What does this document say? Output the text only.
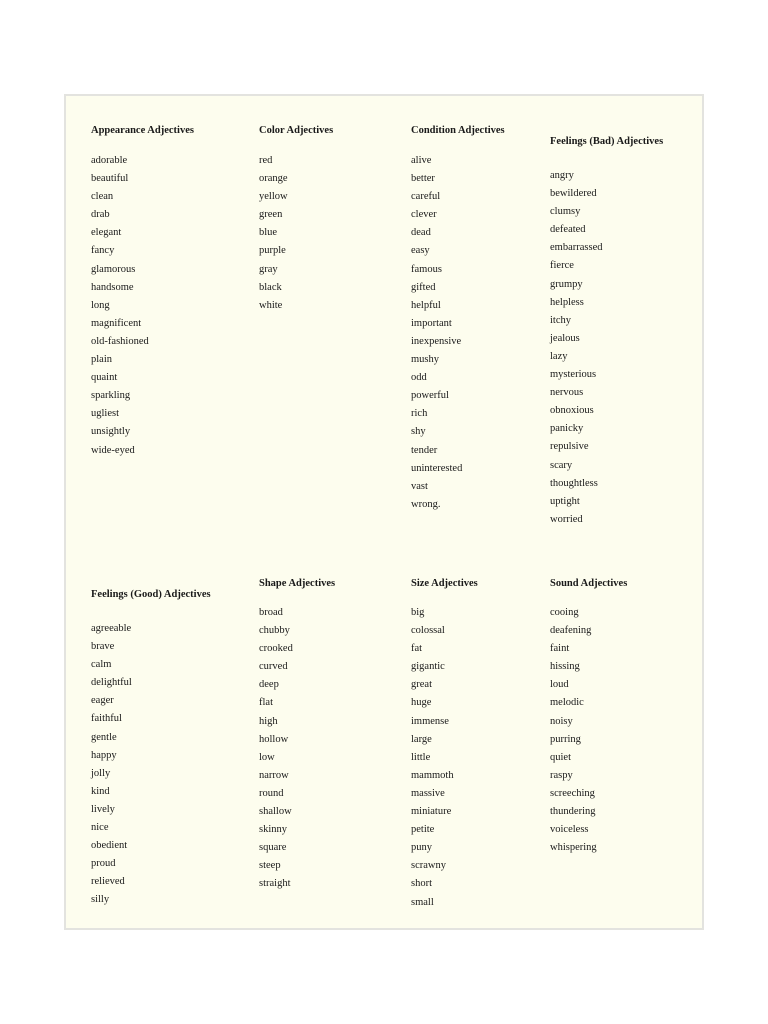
Appearance Adjectives
adorable
beautiful
clean
drab
elegant
fancy
glamorous
handsome
long
magnificent
old-fashioned
plain
quaint
sparkling
ugliest
unsightly
wide-eyed
Color Adjectives
red
orange
yellow
green
blue
purple
gray
black
white
Condition Adjectives
alive
better
careful
clever
dead
easy
famous
gifted
helpful
important
inexpensive
mushy
odd
powerful
rich
shy
tender
uninterested
vast
wrong.
Feelings (Bad) Adjectives
angry
bewildered
clumsy
defeated
embarrassed
fierce
grumpy
helpless
itchy
jealous
lazy
mysterious
nervous
obnoxious
panicky
repulsive
scary
thoughtless
uptight
worried
Feelings (Good) Adjectives
agreeable
brave
calm
delightful
eager
faithful
gentle
happy
jolly
kind
lively
nice
obedient
proud
relieved
silly
Shape Adjectives
broad
chubby
crooked
curved
deep
flat
high
hollow
low
narrow
round
shallow
skinny
square
steep
straight
Size Adjectives
big
colossal
fat
gigantic
great
huge
immense
large
little
mammoth
massive
miniature
petite
puny
scrawny
short
small
Sound Adjectives
cooing
deafening
faint
hissing
loud
melodic
noisy
purring
quiet
raspy
screeching
thundering
voiceless
whispering
